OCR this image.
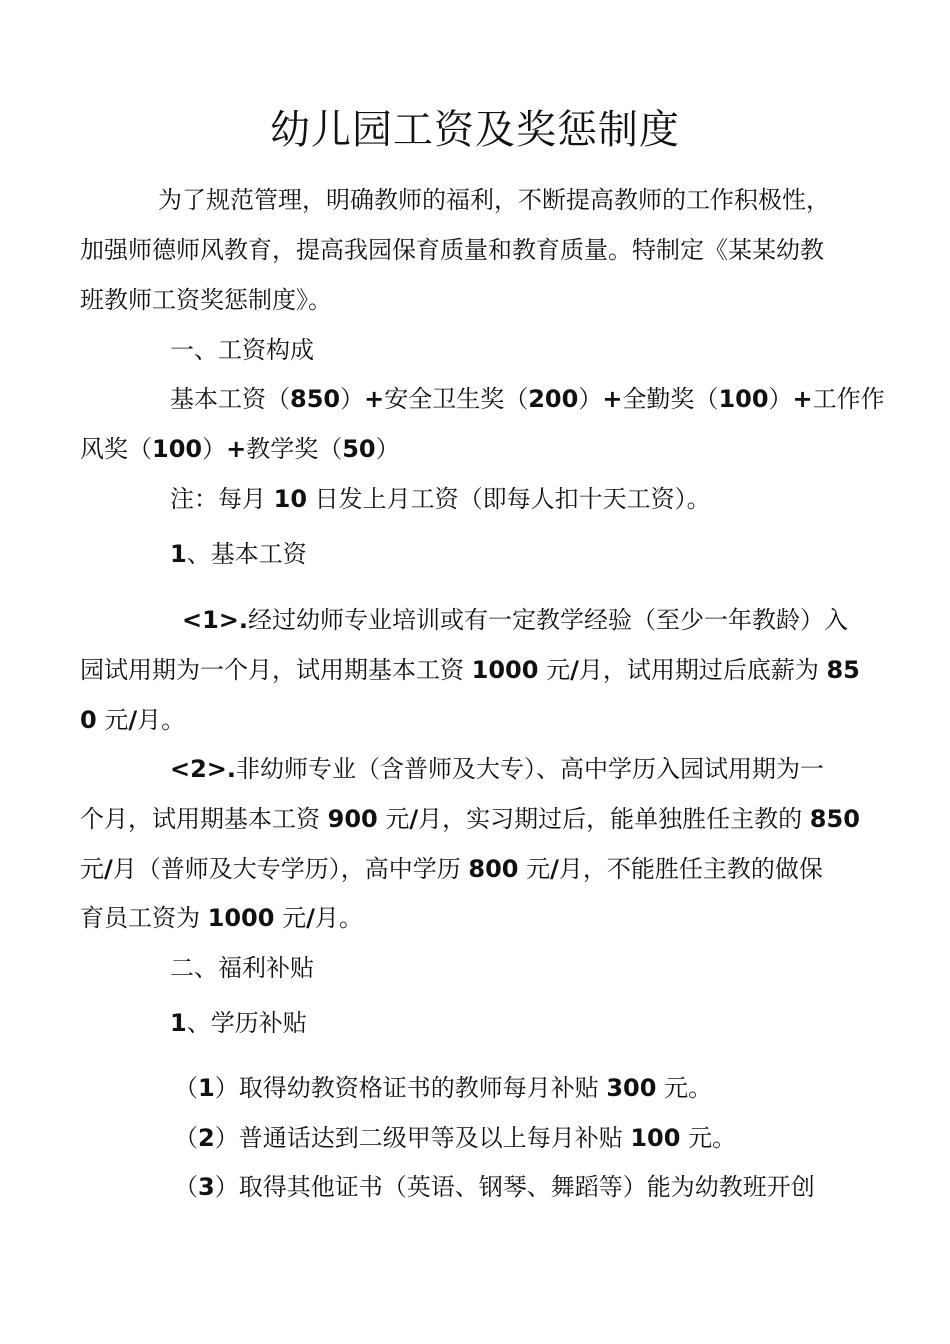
幼儿园工资及奖惩制度
为了规范管理，明确教师的福利，不断提高教师的工作积极性，
加强师德师风教育，提高我园保育质量和教育质量。特制定《某某幼教
班教师工资奖惩制度》。
一、工资构成
基本工资（850）+安全卫生奖（200）+全勤奖（100）+工作作
风奖（100）+教学奖（50）
注：每月 10 日发上月工资（即每人扣十天工资）。
1、基本工资
<1>.经过幼师专业培训或有一定教学经验（至少一年教龄）入
园试用期为一个月，试用期基本工资 1000 元/月，试用期过后底薪为 85
0 元/月。
<2>.非幼师专业（含普师及大专）、高中学历入园试用期为一
个月，试用期基本工资 900 元/月，实习期过后，能单独胜任主教的 850
元/月（普师及大专学历），高中学历 800 元/月，不能胜任主教的做保
育员工资为 1000 元/月。
二、福利补贴
1、学历补贴
（1）取得幼教资格证书的教师每月补贴 300 元。
（2）普通话达到二级甲等及以上每月补贴 100 元。
（3）取得其他证书（英语、钢琴、舞蹈等）能为幼教班开创
